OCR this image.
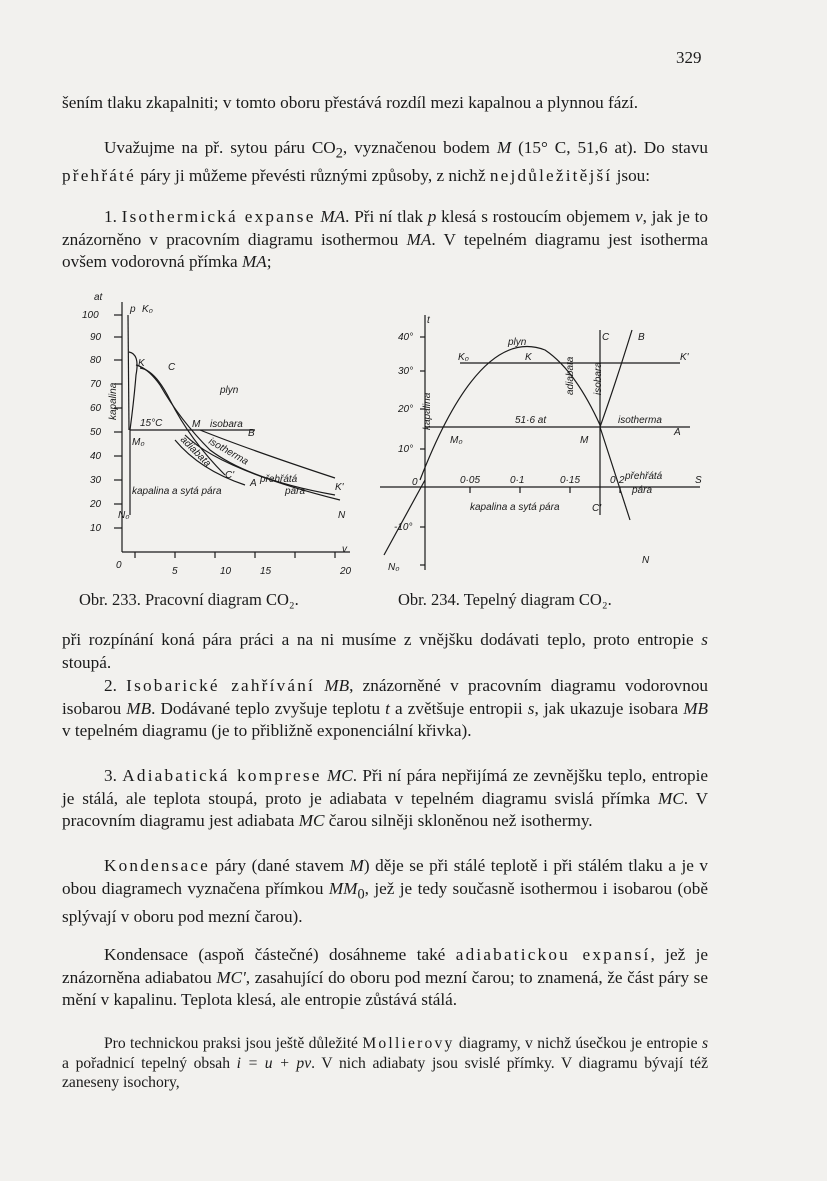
329

šením tlaku zkapalniti; v tomto oboru přestává rozdíl mezi kapalnou a plynnou fází.

Uvažujme na př. sytou páru $CO_2$, vyznačenou bodem M (15° C, 51,6 at). Do stavu přehřáté páry ji můžeme převésti různými způsoby, z nichž nejdůležitější jsou:

1. Isothermická expanse MA. Při ní tlak p klesá s rostoucím objemem v, jak je to znázorněno v pracovním diagramu isothermou MA. V tepelném diagramu jest isotherma ovšem vodorovná přímka MA;

at
100
p K₀
90
80
70
60
50
40
30
20
10
K C
plyn
15°C	M isobara
B
M₀	isotherma
adiabata
C'
A přehřátá
pára	K'
kapalina a sytá pára
N
N₀
v
0
5	10	15	20
kapalina
t
40°
30°
20°
10°
0
-10°
plyn
K₀	K
C	B
K'
adiabata isobara
kapalina	51·6 at
M₀	M
isotherma
A
0·05	0·1	0·15	0·2 přehřátá	S
pára
kapalina a sytá pára	C'
N₀
N
Obr. 233. Pracovní diagram CO₂.	Obr. 234. Tepelný diagram CO₂.

při rozpínání koná pára práci a na ni musíme z vnějšku dodávati teplo, proto entropie s stoupá.

2. Isobarické zahřívání MB, znázorněné v pracovním diagramu vodorovnou isobarou MB. Dodávané teplo zvyšuje teplotu t a zvětšuje entropii s, jak ukazuje isobara MB v tepelném diagramu (je to přibližně exponenciální křivka).

3. Adiabatická komprese MC. Při ní pára nepřijímá ze zevnějšku teplo, entropie je stálá, ale teplota stoupá, proto je adiabata v tepelném diagramu svislá přímka MC. V pracovním diagramu jest adiabata MC čarou silněji skloněnou než isothermy.

Kondensace páry (dané stavem M) děje se při stálé teplotě i při stálém tlaku a je v obou diagramech vyznačena přímkou $MM_0$, jež je tedy současně isothermou i isobarou (obě splývají v oboru pod mezní čarou).

Kondensace (aspoň částečné) dosáhneme také adiabatickou expansí, jež je znázorněna adiabatou MC', zasahující do oboru pod mezní čarou; to znamená, že část páry se mění v kapalinu. Teplota klesá, ale entropie zůstává stálá.

Pro technickou praksi jsou ještě důležité Mollierovy diagramy, v nichž úsečkou je entropie s a pořadnicí tepelný obsah i = u + pv. V nich adiabaty jsou svislé přímky. V diagramu bývají též zaneseny isochory,
